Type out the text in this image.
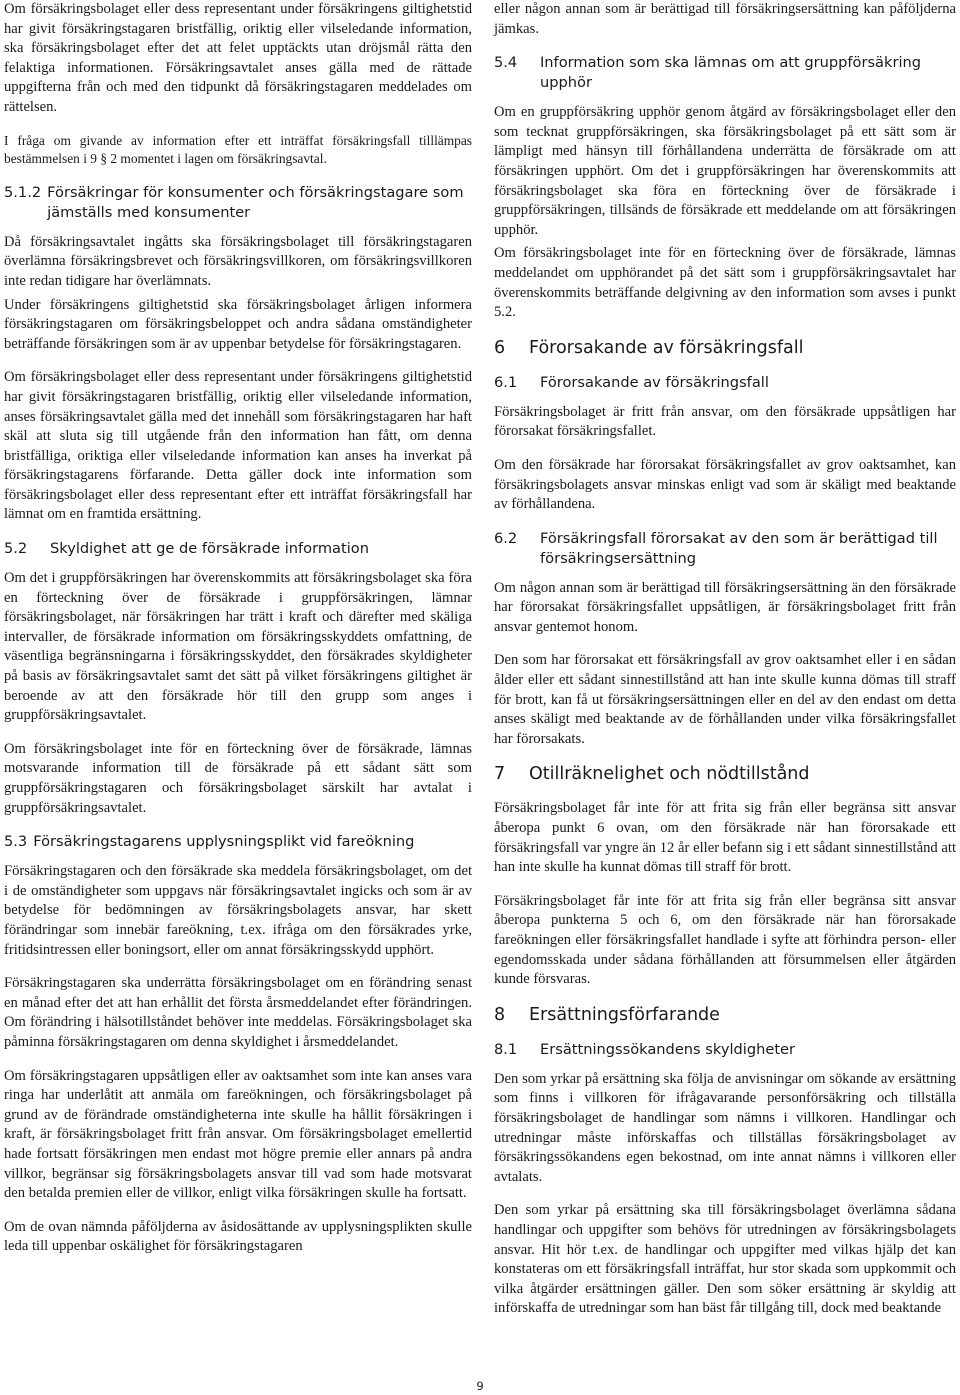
Om försäkringsbolaget eller dess representant under försäkringens giltighetstid har givit försäkringstagaren bristfällig, oriktig eller vilseledande information, ska försäkringsbolaget efter det att felet upptäckts utan dröjsmål rätta den felaktiga informationen. Försäkringsavtalet anses gälla med de rättade uppgifterna från och med den tidpunkt då försäkringstagaren meddelades om rättelsen.

I fråga om givande av information efter ett inträffat försäkringsfall tilllämpas bestämmelsen i 9 § 2 momentet i lagen om försäkringsavtal.

5.1.2 Försäkringar för konsumenter och försäkringstagare som jämställs med konsumenter

Då försäkringsavtalet ingåtts ska försäkringsbolaget till försäkringstagaren överlämna försäkringsbrevet och försäkringsvillkoren, om försäkringsvillkoren inte redan tidigare har överlämnats.

Under försäkringens giltighetstid ska försäkringsbolaget årligen informera försäkringstagaren om försäkringsbeloppet och andra sådana omständigheter beträffande försäkringen som är av uppenbar betydelse för försäkringstagaren.

Om försäkringsbolaget eller dess representant under försäkringens giltighetstid har givit försäkringstagaren bristfällig, oriktig eller vilseledande information, anses försäkringsavtalet gälla med det innehåll som försäkringstagaren har haft skäl att sluta sig till utgående från den information han fått, om denna bristfälliga, oriktiga eller vilseledande information kan anses ha inverkat på försäkringstagarens förfarande. Detta gäller dock inte information som försäkringsbolaget eller dess representant efter ett inträffat försäkringsfall har lämnat om en framtida ersättning.

5.2	Skyldighet att ge de försäkrade information

Om det i gruppförsäkringen har överenskommits att försäkringsbolaget ska föra en förteckning över de försäkrade i gruppförsäkringen, lämnar försäkringsbolaget, när försäkringen har trätt i kraft och därefter med skäliga intervaller, de försäkrade information om försäkringsskyddets omfattning, de väsentliga begränsningarna i försäkringsskyddet, den försäkrades skyldigheter på basis av försäkringsavtalet samt det sätt på vilket försäkringens giltighet är beroende av att den försäkrade hör till den grupp som anges i gruppförsäkringsavtalet.

Om försäkringsbolaget inte för en förteckning över de försäkrade, lämnas motsvarande information till de försäkrade på ett sådant sätt som gruppförsäkringstagaren och försäkringsbolaget särskilt har avtalat i gruppförsäkringsavtalet.

5.3 Försäkringstagarens upplysningsplikt vid fareökning

Försäkringstagaren och den försäkrade ska meddela försäkringsbolaget, om det i de omständigheter som uppgavs när försäkringsavtalet ingicks och som är av betydelse för bedömningen av försäkringsbolagets ansvar, har skett förändringar som innebär fareökning, t.ex. ifråga om den försäkrades yrke, fritidsintressen eller boningsort, eller om annat försäkringsskydd upphört.

Försäkringstagaren ska underrätta försäkringsbolaget om en förändring senast en månad efter det att han erhållit det första årsmeddelandet efter förändringen. Om förändring i hälsotillståndet behöver inte meddelas. Försäkringsbolaget ska påminna försäkringstagaren om denna skyldighet i årsmeddelandet.

Om försäkringstagaren uppsåtligen eller av oaktsamhet som inte kan anses vara ringa har underlåtit att anmäla om fareökningen, och försäkringsbolaget på grund av de förändrade omständigheterna inte skulle ha hållit försäkringen i kraft, är försäkringsbolaget fritt från ansvar. Om försäkringsbolaget emellertid hade fortsatt försäkringen men endast mot högre premie eller annars på andra villkor, begränsar sig försäkringsbolagets ansvar till vad som hade motsvarat den betalda premien eller de villkor, enligt vilka försäkringen skulle ha fortsatt.

Om de ovan nämnda påföljderna av åsidosättande av upplysningsplikten skulle leda till uppenbar oskälighet för försäkringstagaren

eller någon annan som är berättigad till försäkringsersättning kan påföljderna jämkas.

5.4	Information som ska lämnas om att gruppförsäkring upphör

Om en gruppförsäkring upphör genom åtgärd av försäkringsbolaget eller den som tecknat gruppförsäkringen, ska försäkringsbolaget på ett sätt som är lämpligt med hänsyn till förhållandena underrätta de försäkrade om att försäkringen upphört. Om det i gruppförsäkringen har överenskommits att försäkringsbolaget ska föra en förteckning över de försäkrade i gruppförsäkringen, tillsänds de försäkrade ett meddelande om att försäkringen upphör.

Om försäkringsbolaget inte för en förteckning över de försäkrade, lämnas meddelandet om upphörandet på det sätt som i gruppförsäkringsavtalet har överenskommits beträffande delgivning av den information som avses i punkt 5.2.

6	Förorsakande av försäkringsfall
6.1	Förorsakande av försäkringsfall

Försäkringsbolaget är fritt från ansvar, om den försäkrade uppsåtligen har förorsakat försäkringsfallet.

Om den försäkrade har förorsakat försäkringsfallet av grov oaktsamhet, kan försäkringsbolagets ansvar minskas enligt vad som är skäligt med beaktande av förhållandena.

6.2	Försäkringsfall förorsakat av den som är berättigad till försäkringsersättning

Om någon annan som är berättigad till försäkringsersättning än den försäkrade har förorsakat försäkringsfallet uppsåtligen, är försäkringsbolaget fritt från ansvar gentemot honom.

Den som har förorsakat ett försäkringsfall av grov oaktsamhet eller i en sådan ålder eller ett sådant sinnestillstånd att han inte skulle kunna dömas till straff för brott, kan få ut försäkringsersättningen eller en del av den endast om detta anses skäligt med beaktande av de förhållanden under vilka försäkringsfallet har förorsakats.

7	Otillräknelighet och nödtillstånd

Försäkringsbolaget får inte för att frita sig från eller begränsa sitt ansvar åberopa punkt 6 ovan, om den försäkrade när han förorsakade ett försäkringsfall var yngre än 12 år eller befann sig i ett sådant sinnestillstånd att han inte skulle ha kunnat dömas till straff för brott.

Försäkringsbolaget får inte för att frita sig från eller begränsa sitt ansvar åberopa punkterna 5 och 6, om den försäkrade när han förorsakade fareökningen eller försäkringsfallet handlade i syfte att förhindra person- eller egendomsskada under sådana förhållanden att försummelsen eller åtgärden kunde försvaras.

8	Ersättningsförfarande
8.1	Ersättningssökandens skyldigheter

Den som yrkar på ersättning ska följa de anvisningar om sökande av ersättning som finns i villkoren för ifrågavarande personförsäkring och tillställa försäkringsbolaget de handlingar som nämns i villkoren. Handlingar och utredningar måste införskaffas och tillställas försäkringsbolaget av försäkringssökandens egen bekostnad, om inte annat nämns i villkoren eller avtalats.

Den som yrkar på ersättning ska till försäkringsbolaget överlämna sådana handlingar och uppgifter som behövs för utredningen av försäkringsbolagets ansvar. Hit hör t.ex. de handlingar och uppgifter med vilkas hjälp det kan konstateras om ett försäkringsfall inträffat, hur stor skada som uppkommit och vilka åtgärder ersättningen gäller. Den som söker ersättning är skyldig att införskaffa de utredningar som han bäst får tillgång till, dock med beaktande

9
